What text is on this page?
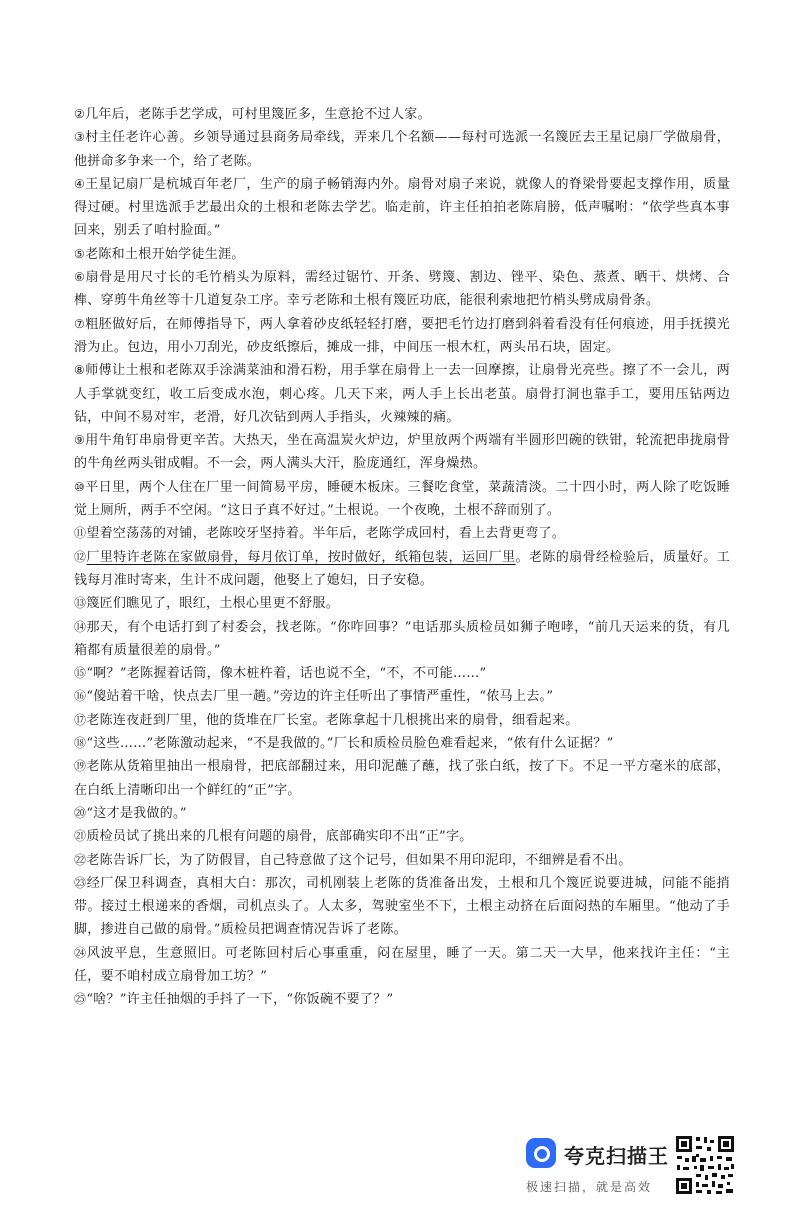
②几年后，老陈手艺学成，可村里篾匠多，生意抢不过人家。

③村主任老许心善。乡领导通过县商务局牵线，弄来几个名额——每村可选派一名篾匠去王星记扇厂学做扇骨，他拼命多争来一个，给了老陈。

④王星记扇厂是杭城百年老厂，生产的扇子畅销海内外。扇骨对扇子来说，就像人的脊梁骨要起支撑作用，质量得过硬。村里选派手艺最出众的土根和老陈去学艺。临走前，许主任拍拍老陈肩膀，低声嘱咐：“依学些真本事回来，别丢了咱村脸面。”

⑤老陈和土根开始学徒生涯。

⑥扇骨是用尺寸长的毛竹梢头为原料，需经过锯竹、开条、劈篾、割边、锉平、染色、蒸煮、晒干、烘烤、合榫、穿剪牛角丝等十几道复杂工序。幸亏老陈和土根有篾匠功底，能很利索地把竹梢头劈成扇骨条。

⑦粗胚做好后，在师傅指导下，两人拿着砂皮纸轻轻打磨，要把毛竹边打磨到斜着看没有任何痕迹，用手抚摸光滑为止。包边，用小刀刮光，砂皮纸擦后，摊成一排，中间压一根木杠，两头吊石块，固定。

⑧师傅让土根和老陈双手涂满菜油和滑石粉，用手掌在扇骨上一去一回摩擦，让扇骨光亮些。擦了不一会儿，两人手掌就变红，收工后变成水泡，刺心疼。几天下来，两人手上长出老茧。扇骨打洞也靠手工，要用压钻两边钻，中间不易对牢，老滑，好几次钻到两人手指头，火辣辣的痛。

⑨用牛角钉串扇骨更辛苦。大热天，坐在高温炭火炉边，炉里放两个两端有半圆形凹碗的铁钳，轮流把串拢扇骨的牛角丝两头钳成帽。不一会，两人满头大汗，脸庞通红，浑身燥热。

⑩平日里，两个人住在厂里一间简易平房，睡硬木板床。三餐吃食堂，菜蔬清淡。二十四小时，两人除了吃饭睡觉上厕所，两手不空闲。“这日子真不好过。”土根说。一个夜晚，土根不辞而别了。

⑪望着空荡荡的对铺，老陈咬牙坚持着。半年后，老陈学成回村，看上去背更弯了。

⑫厂里特许老陈在家做扇骨，每月依订单，按时做好，纸箱包装，运回厂里。老陈的扇骨经检验后，质量好。工钱每月准时寄来，生计不成问题，他娶上了媳妇，日子安稳。

⑬篾匠们瞧见了，眼红，土根心里更不舒服。

⑭那天，有个电话打到了村委会，找老陈。“你咋回事？”电话那头质检员如狮子咆哮，“前几天运来的货，有几箱都有质量很差的扇骨。”

⑮“啊？”老陈握着话筒，像木桩杵着，话也说不全，“不，不可能……”

⑯“傻站着干啥，快点去厂里一趟。”旁边的许主任听出了事情严重性，“侬马上去。”

⑰老陈连夜赶到厂里，他的货堆在厂长室。老陈拿起十几根挑出来的扇骨，细看起来。

⑱“这些……”老陈激动起来，“不是我做的。”厂长和质检员脸色难看起来，“侬有什么证据？”

⑲老陈从货箱里抽出一根扇骨，把底部翻过来，用印泥蘸了蘸，找了张白纸，按了下。不足一平方毫米的底部，在白纸上清晰印出一个鲜红的“正”字。

⑳“这才是我做的。”

㉑质检员试了挑出来的几根有问题的扇骨，底部确实印不出“正”字。

㉒老陈告诉厂长，为了防假冒，自己特意做了这个记号，但如果不用印泥印，不细辨是看不出。

㉓经厂保卫科调查，真相大白：那次，司机刚装上老陈的货准备出发，土根和几个篾匠说要进城，问能不能捎带。接过土根递来的香烟，司机点头了。人太多，驾驶室坐不下，土根主动挤在后面闷热的车厢里。“他动了手脚，掺进自己做的扇骨。”质检员把调查情况告诉了老陈。

㉔风波平息，生意照旧。可老陈回村后心事重重，闷在屋里，睡了一天。第二天一大早，他来找许主任：“主任，要不咱村成立扇骨加工坊？”

㉕“啥？”许主任抽烟的手抖了一下，“你饭碗不要了？”

夸克扫描王
极速扫描，就是高效
